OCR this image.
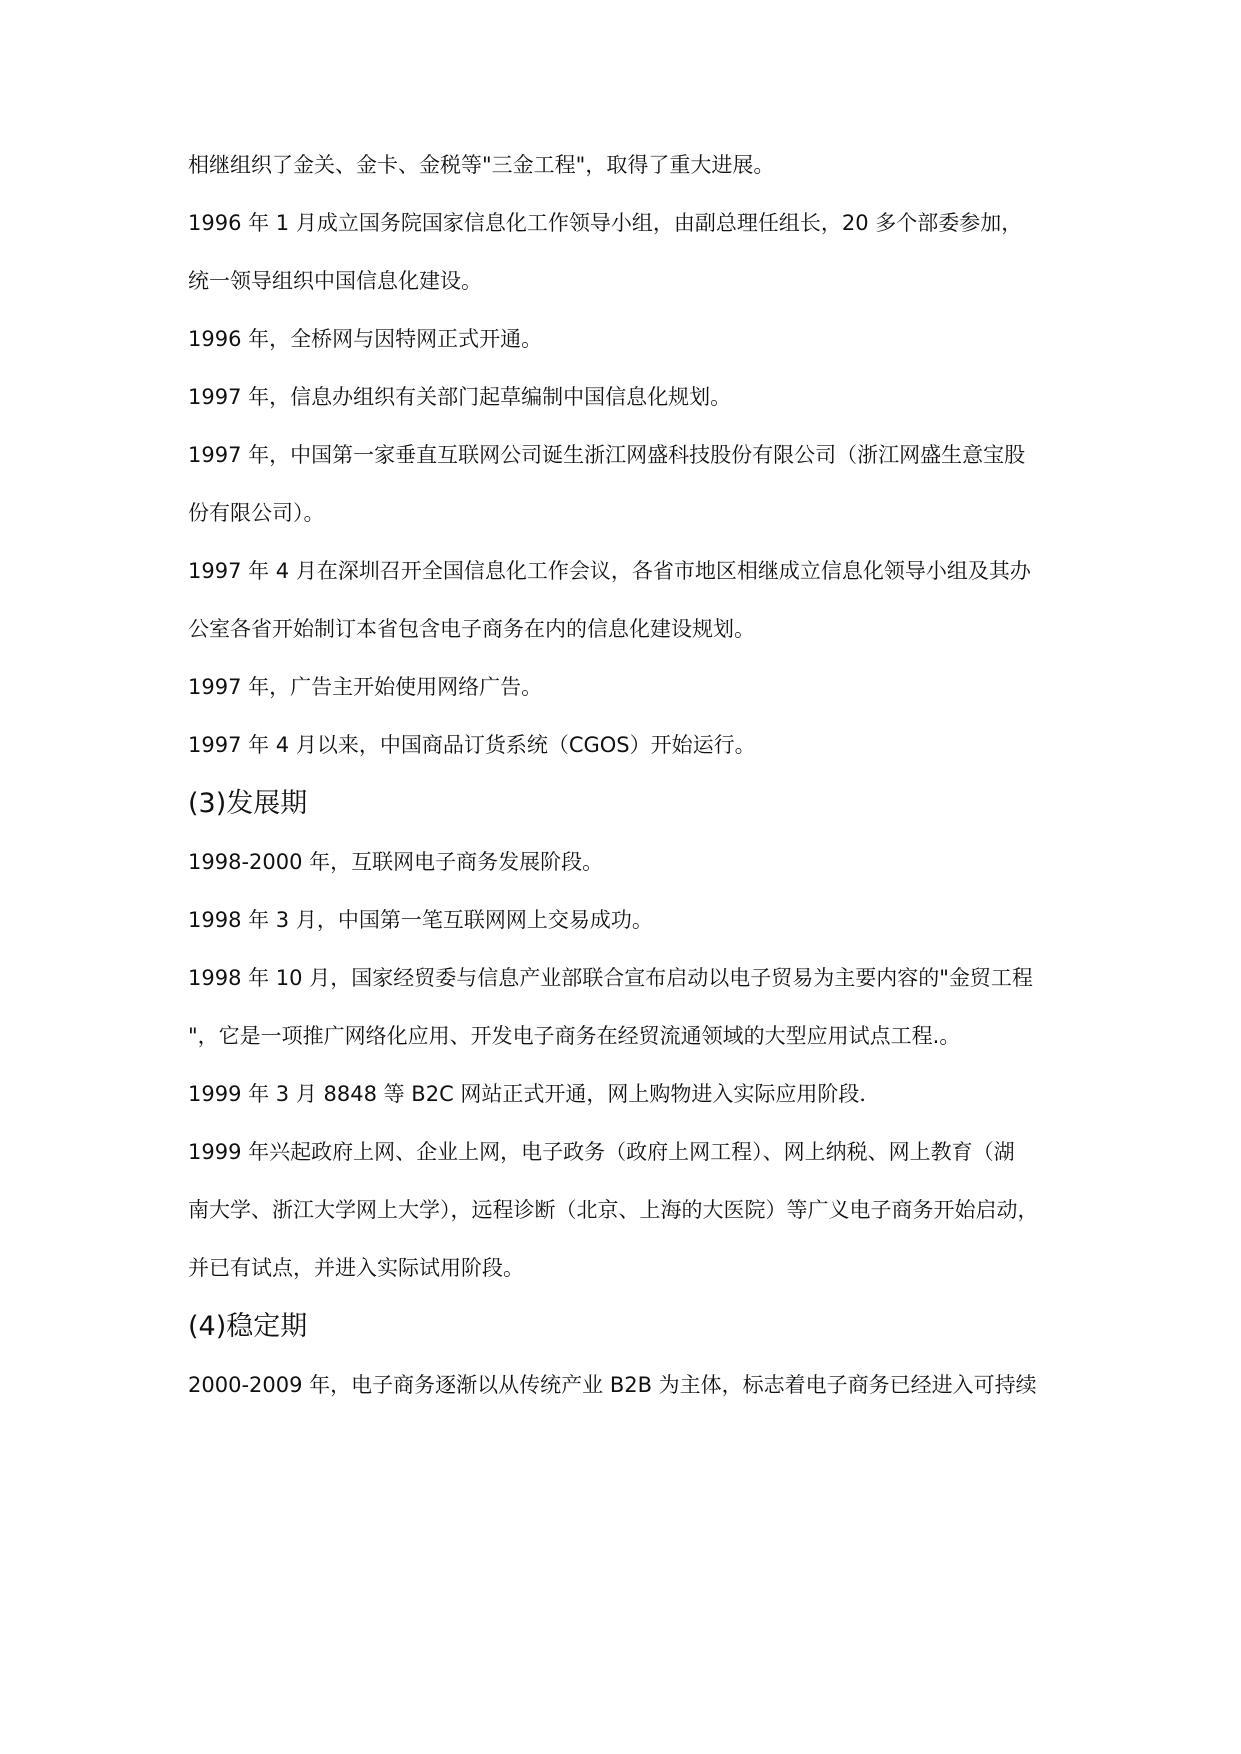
相继组织了金关、金卡、金税等"三金工程"，取得了重大进展。
1996 年 1 月成立国务院国家信息化工作领导小组，由副总理任组长，20 多个部委参加，
统一领导组织中国信息化建设。
1996 年，全桥网与因特网正式开通。
1997 年，信息办组织有关部门起草编制中国信息化规划。
1997 年，中国第一家垂直互联网公司诞生浙江网盛科技股份有限公司（浙江网盛生意宝股
份有限公司）。
1997 年 4 月在深圳召开全国信息化工作会议，各省市地区相继成立信息化领导小组及其办
公室各省开始制订本省包含电子商务在内的信息化建设规划。
1997 年，广告主开始使用网络广告。
1997 年 4 月以来，中国商品订货系统（CGOS）开始运行。
(3)发展期
1998-2000 年，互联网电子商务发展阶段。
1998 年 3 月，中国第一笔互联网网上交易成功。
1998 年 10 月，国家经贸委与信息产业部联合宣布启动以电子贸易为主要内容的"金贸工程
"，它是一项推广网络化应用、开发电子商务在经贸流通领域的大型应用试点工程.。
1999 年 3 月 8848 等 B2C 网站正式开通，网上购物进入实际应用阶段．
1999 年兴起政府上网、企业上网，电子政务（政府上网工程）、网上纳税、网上教育（湖
南大学、浙江大学网上大学），远程诊断（北京、上海的大医院）等广义电子商务开始启动，
并已有试点，并进入实际试用阶段。
(4)稳定期
2000-2009 年，电子商务逐渐以从传统产业 B2B 为主体，标志着电子商务已经进入可持续
